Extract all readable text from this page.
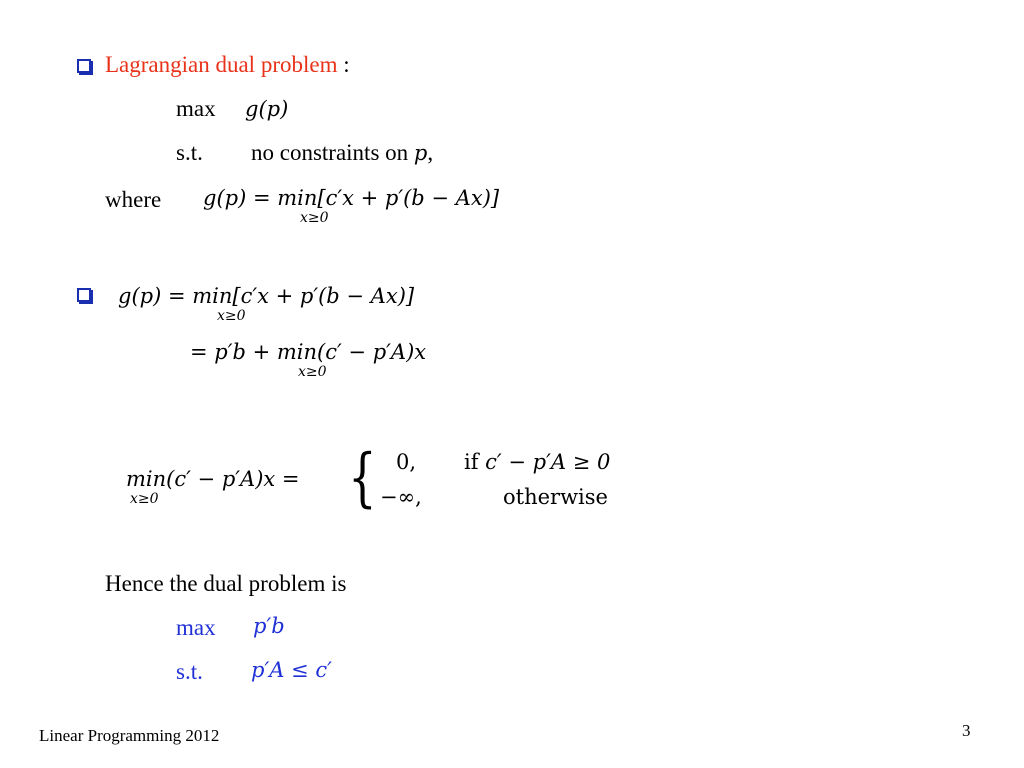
Lagrangian dual problem :
max g(p)
s.t. no constraints on p,
where g(p) = min[c′x + p′(b − Ax)]
x≥0
g(p) = min[c′x + p′(b − Ax)]
x≥0
= p′b + min(c′ − p′A)x
x≥0
min(c′ − p′A)x =
x≥0	{ 0, if c′ − p′A ≥ 0
−∞,	otherwise
Hence the dual problem is
max p′b
s.t. p′A ≤ c′
Linear Programming 2012	3
